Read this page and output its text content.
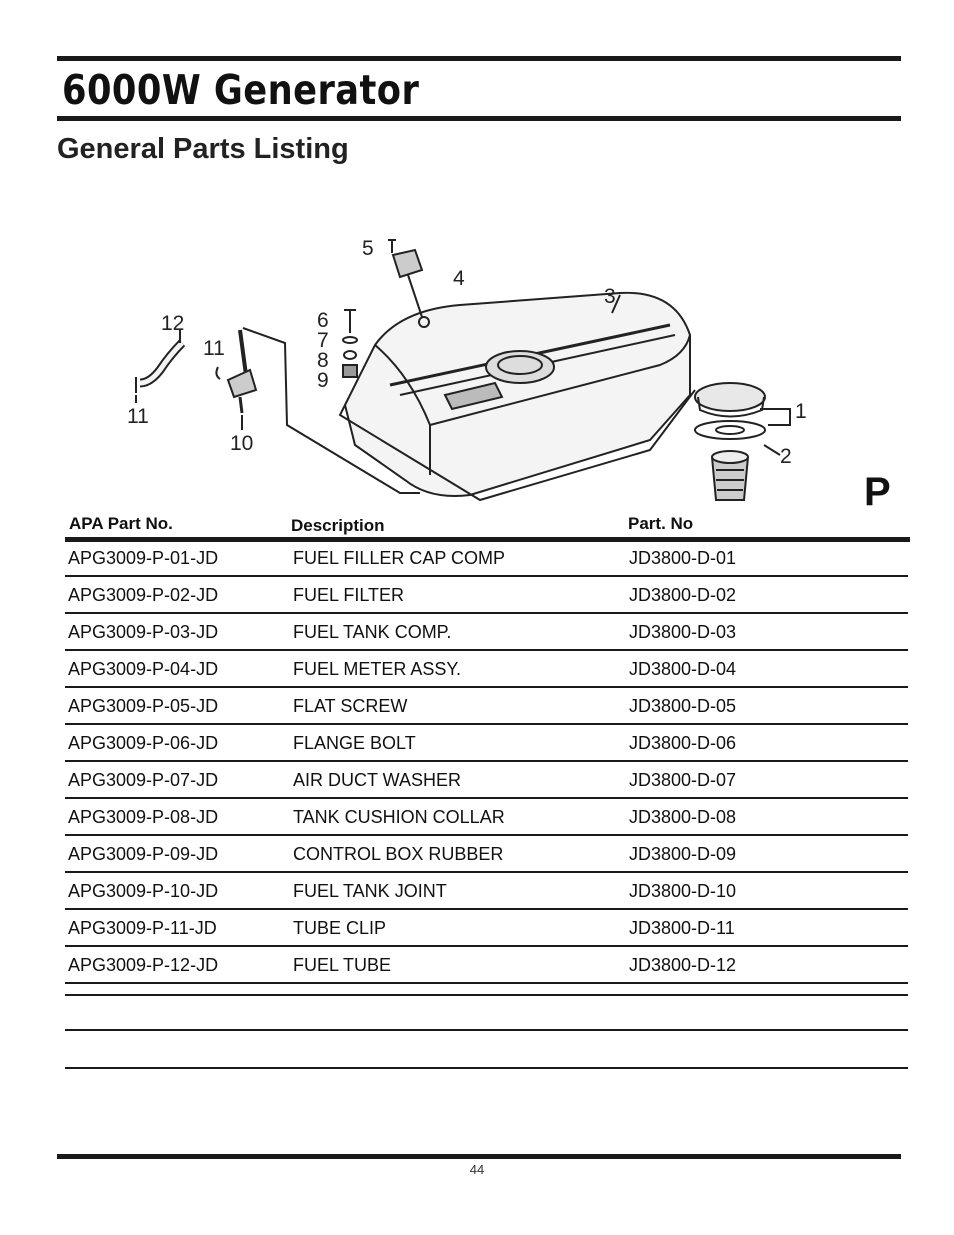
6000W Generator
General Parts Listing
1
2
3
4
5
6
7
8
9
10
11
11
12
P
APA Part No.	Description	Part. No
APG3009-P-01-JD	FUEL FILLER CAP COMP	JD3800-D-01
APG3009-P-02-JD	FUEL FILTER	JD3800-D-02
APG3009-P-03-JD	FUEL TANK COMP.	JD3800-D-03
APG3009-P-04-JD	FUEL METER ASSY.	JD3800-D-04
APG3009-P-05-JD	FLAT SCREW	JD3800-D-05
APG3009-P-06-JD	FLANGE BOLT	JD3800-D-06
APG3009-P-07-JD	AIR DUCT WASHER	JD3800-D-07
APG3009-P-08-JD	TANK CUSHION COLLAR	JD3800-D-08
APG3009-P-09-JD	CONTROL BOX RUBBER	JD3800-D-09
APG3009-P-10-JD	FUEL TANK JOINT	JD3800-D-10
APG3009-P-11-JD	TUBE CLIP	JD3800-D-11
APG3009-P-12-JD	FUEL TUBE	JD3800-D-12
44
